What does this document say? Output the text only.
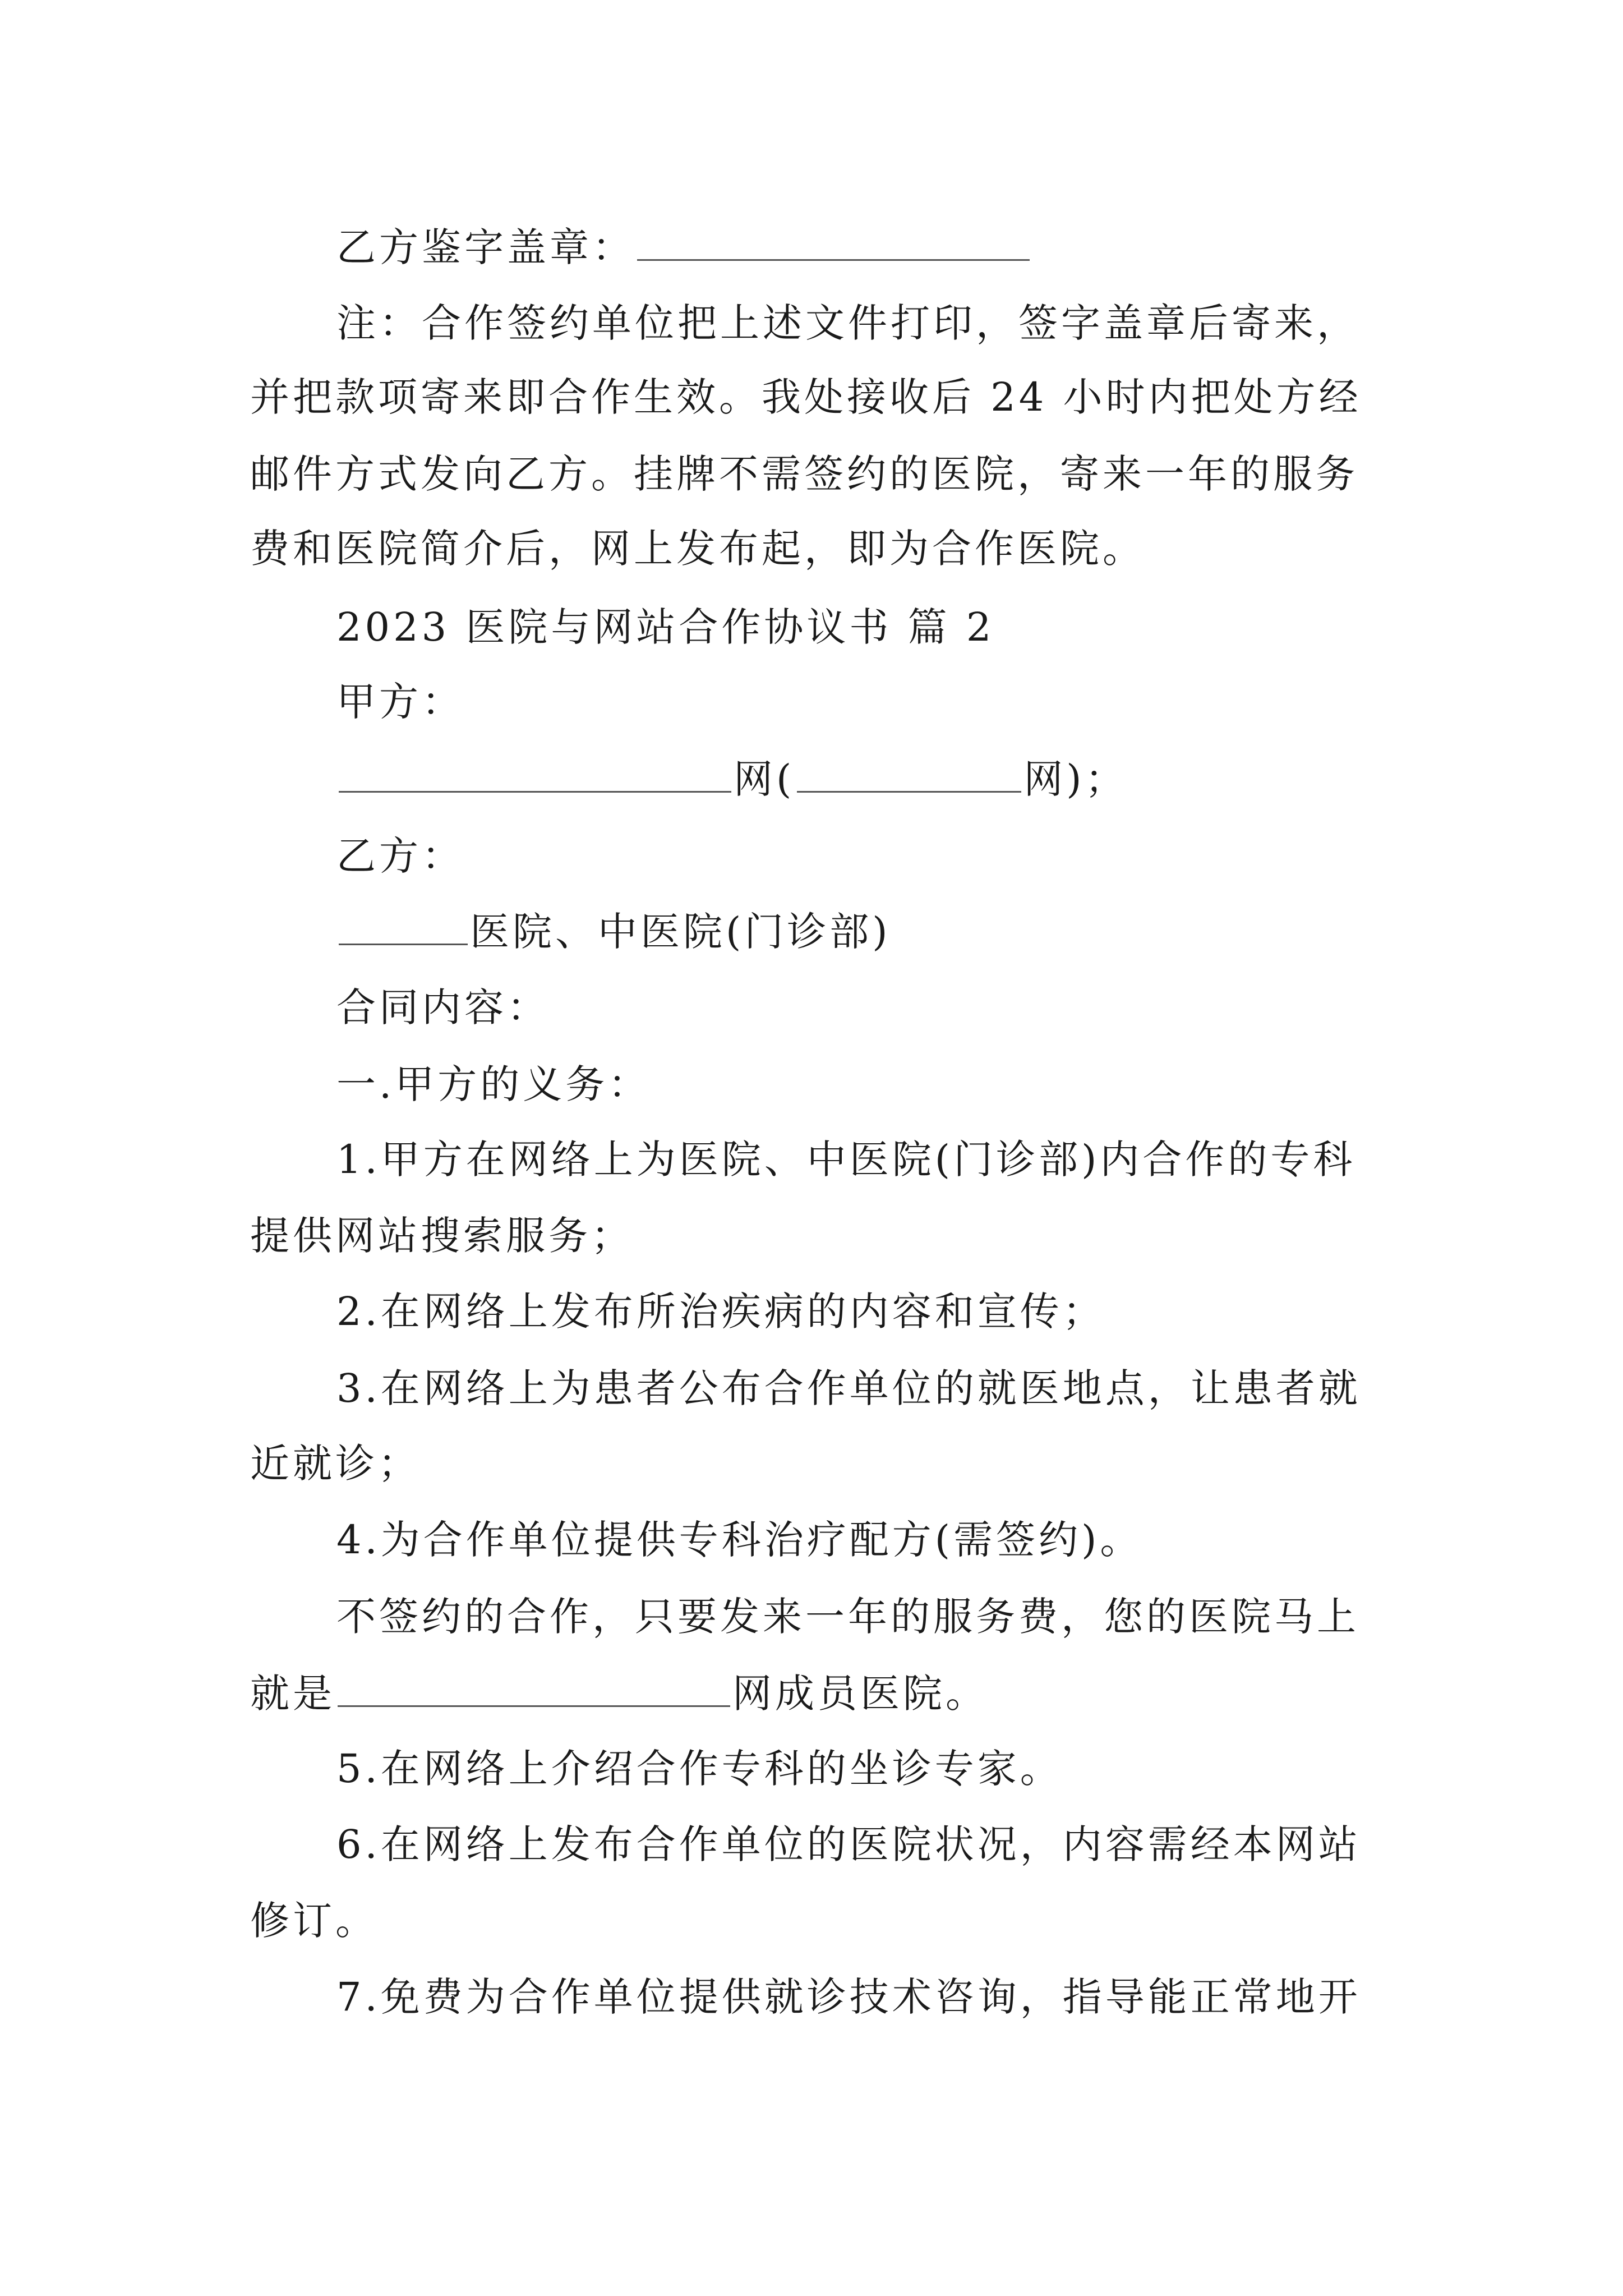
乙方鉴字盖章：
注：合作签约单位把上述文件打印，签字盖章后寄来，
并把款项寄来即合作生效。我处接收后 24 小时内把处方经
邮件方式发向乙方。挂牌不需签约的医院，寄来一年的服务
费和医院简介后，网上发布起，即为合作医院。
2023 医院与网站合作协议书 篇 2
甲方：
网(	网)；
乙方：
医院、中医院(门诊部)
合同内容：
一.甲方的义务：
1.甲方在网络上为医院、中医院(门诊部)内合作的专科
提供网站搜索服务；
2.在网络上发布所治疾病的内容和宣传；
3.在网络上为患者公布合作单位的就医地点，让患者就
近就诊；
4.为合作单位提供专科治疗配方(需签约)。
不签约的合作，只要发来一年的服务费，您的医院马上
就是	网成员医院。
5.在网络上介绍合作专科的坐诊专家。
6.在网络上发布合作单位的医院状况，内容需经本网站
修订。
7.免费为合作单位提供就诊技术咨询，指导能正常地开
